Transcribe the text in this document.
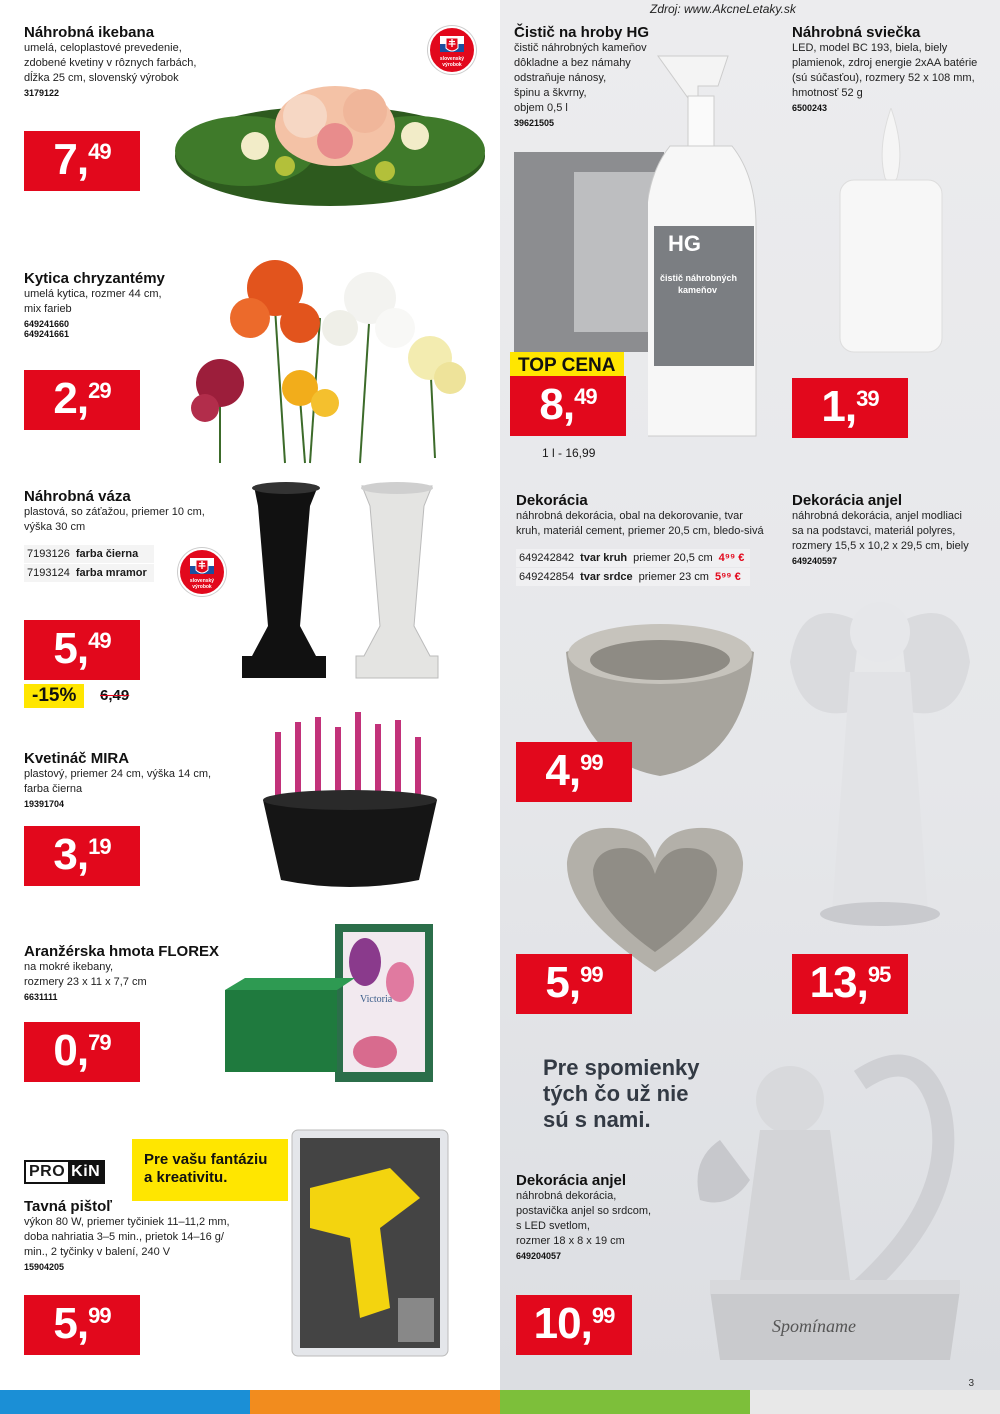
Zdroj: www.AkcneLetaky.sk
Náhrobná ikebana
umelá, celoplastové prevedenie,
zdobené kvetiny v rôznych farbách,
dĺžka 25 cm, slovenský výrobok
3179122
slovenský výrobok
7,49
Kytica chryzantémy
umelá kytica, rozmer 44 cm,
mix farieb
649241660
649241661
2,29
Náhrobná váza
plastová, so záťažou, priemer 10 cm,
výška 30 cm
7193126 farba čierna
7193124 farba mramor
slovenský výrobok
5,49
-15%	6,49
Kvetináč MIRA
plastový, priemer 24 cm, výška 14 cm,
farba čierna
19391704
3,19
Aranžérska hmota FLOREX
na mokré ikebany,
rozmery 23 x 11 x 7,7 cm
6631111	Victoria
0,79
Pre vašu fantáziu
a kreativitu.
PRO KiN
Tavná pištoľ
výkon 80 W, priemer tyčiniek 11–11,2 mm,
doba nahriatia 3–5 min., prietok 14–16 g/
min., 2 tyčinky v balení, 240 V
15904205
5,99
Čistič na hroby HG
čistič náhrobných kameňov
dôkladne a bez námahy
odstraňuje nánosy,
špinu a škvrny,
objem 0,5 l
39621505
HG
čistič náhrobných
kameňov
TOP CENA
8,49
1 l - 16,99
Náhrobná sviečka
LED, model BC 193, biela, biely
plamienok, zdroj energie 2xAA batérie
(sú súčasťou), rozmery 52 x 108 mm,
hmotnosť 52 g
6500243
1,39
Dekorácia
náhrobná dekorácia, obal na dekorovanie, tvar
kruh, materiál cement, priemer 20,5 cm, bledo-sivá
649242842 tvar kruh priemer 20,5 cm 4⁹⁹ €
649242854 tvar srdce priemer 23 cm 5⁹⁹ €
4,99
5,99
Dekorácia anjel
náhrobná dekorácia, anjel modliaci
sa na podstavci, materiál polyres,
rozmery 15,5 x 10,2 x 29,5 cm, biely
649240597
13,95
Pre spomienky
tých čo už nie
sú s nami.
Dekorácia anjel
náhrobná dekorácia,
postavička anjel so srdcom,
s LED svetlom,
rozmer 18 x 8 x 19 cm
649204057
Spomíname
10,99
3
